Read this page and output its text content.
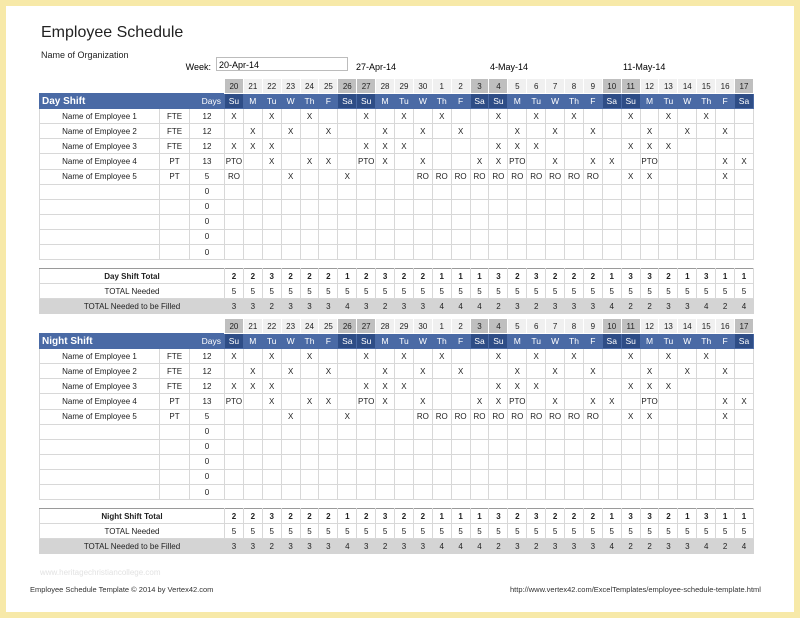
Employee Schedule
Name of Organization
Week: 20-Apr-14	27-Apr-14	4-May-14	11-May-14
			20	21	22	23	24	25	26	27	28	29	30	1	2	3	4	5	6	7	8	9	10	11	12	13	14	15	16	17
Day Shift		Days	Su	M	Tu	W	Th	F	Sa	Su	M	Tu	W	Th	F	Sa	Su	M	Tu	W	Th	F	Sa	Su	M	Tu	W	Th	F	Sa
Name of Employee 1	FTE	12	X		X		X			X		X		X			X		X		X			X		X		X		
Name of Employee 2	FTE	12		X		X		X			X		X		X			X		X		X			X		X		X	
Name of Employee 3	FTE	12	X	X	X					X	X	X					X	X	X					X	X	X				
Name of Employee 4	PT	13	PTO		X		X	X		PTO	X		X			X	X	PTO		X		X	X		PTO				X	X
Name of Employee 5	PT	5	RO			X			X				RO	RO	RO	RO	RO	RO	RO	RO	RO	RO		X	X				X	
		0																												
		0																												
		0																												
		0																												
		0																												

Day Shift Total			2	2	3	2	2	2	1	2	3	2	2	1	1	1	3	2	3	2	2	2	1	3	3	2	1	3	1	1
TOTAL Needed			5	5	5	5	5	5	5	5	5	5	5	5	5	5	5	5	5	5	5	5	5	5	5	5	5	5	5	5
TOTAL Needed to be Filled			3	3	2	3	3	3	4	3	2	3	3	4	4	4	2	3	2	3	3	3	4	2	2	3	3	4	2	4
			20	21	22	23	24	25	26	27	28	29	30	1	2	3	4	5	6	7	8	9	10	11	12	13	14	15	16	17
Night Shift		Days	Su	M	Tu	W	Th	F	Sa	Su	M	Tu	W	Th	F	Sa	Su	M	Tu	W	Th	F	Sa	Su	M	Tu	W	Th	F	Sa
Name of Employee 1	FTE	12	X		X		X			X		X		X			X		X		X			X		X		X		
Name of Employee 2	FTE	12		X		X		X			X		X		X			X		X		X			X		X		X	
Name of Employee 3	FTE	12	X	X	X					X	X	X					X	X	X					X	X	X				
Name of Employee 4	PT	13	PTO		X		X	X		PTO	X		X			X	X	PTO		X		X	X		PTO				X	X
Name of Employee 5	PT	5				X			X				RO	RO	RO	RO	RO	RO	RO	RO	RO	RO		X	X				X	
		0																												
		0																												
		0																												
		0																												
		0																												

Night Shift Total			2	2	3	2	2	2	1	2	3	2	2	1	1	1	3	2	3	2	2	2	1	3	3	2	1	3	1	1
TOTAL Needed			5	5	5	5	5	5	5	5	5	5	5	5	5	5	5	5	5	5	5	5	5	5	5	5	5	5	5	5
TOTAL Needed to be Filled			3	3	2	3	3	3	4	3	2	3	3	4	4	4	2	3	2	3	3	3	4	2	2	3	3	4	2	4
www.heritagechristiancollege.com
Employee Schedule Template © 2014 by Vertex42.com	http://www.vertex42.com/ExcelTemplates/employee-schedule-template.html
